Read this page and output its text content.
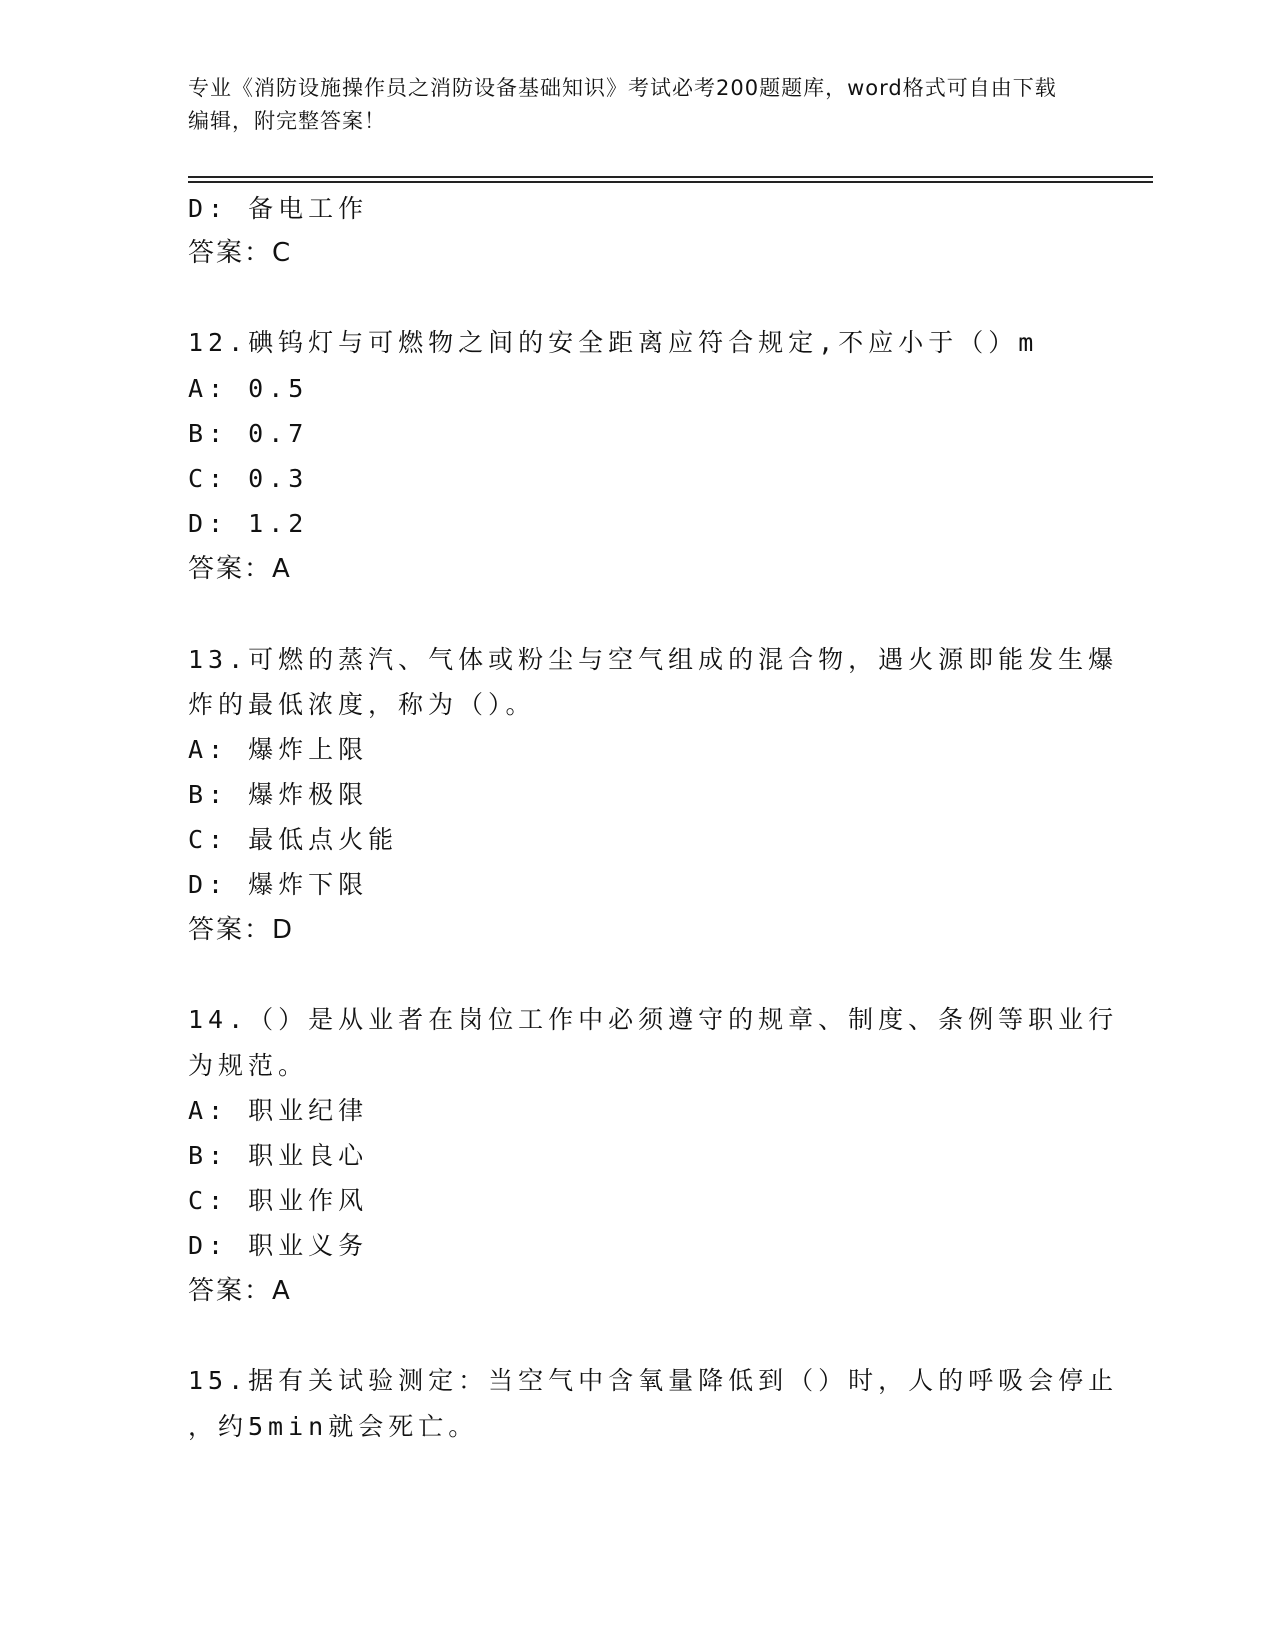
专业《消防设施操作员之消防设备基础知识》考试必考200题题库，word格式可自由下载编辑，附完整答案！
D: 备电工作
答案：C
12.碘钨灯与可燃物之间的安全距离应符合规定,不应小于（）m
A: 0.5
B: 0.7
C: 0.3
D: 1.2
答案：A
13.可燃的蒸汽、气体或粉尘与空气组成的混合物，遇火源即能发生爆
炸的最低浓度，称为（）。
A: 爆炸上限
B: 爆炸极限
C: 最低点火能
D: 爆炸下限
答案：D
14.（）是从业者在岗位工作中必须遵守的规章、制度、条例等职业行
为规范。
A: 职业纪律
B: 职业良心
C: 职业作风
D: 职业义务
答案：A
15.据有关试验测定：当空气中含氧量降低到（）时，人的呼吸会停止
，约5min就会死亡。
